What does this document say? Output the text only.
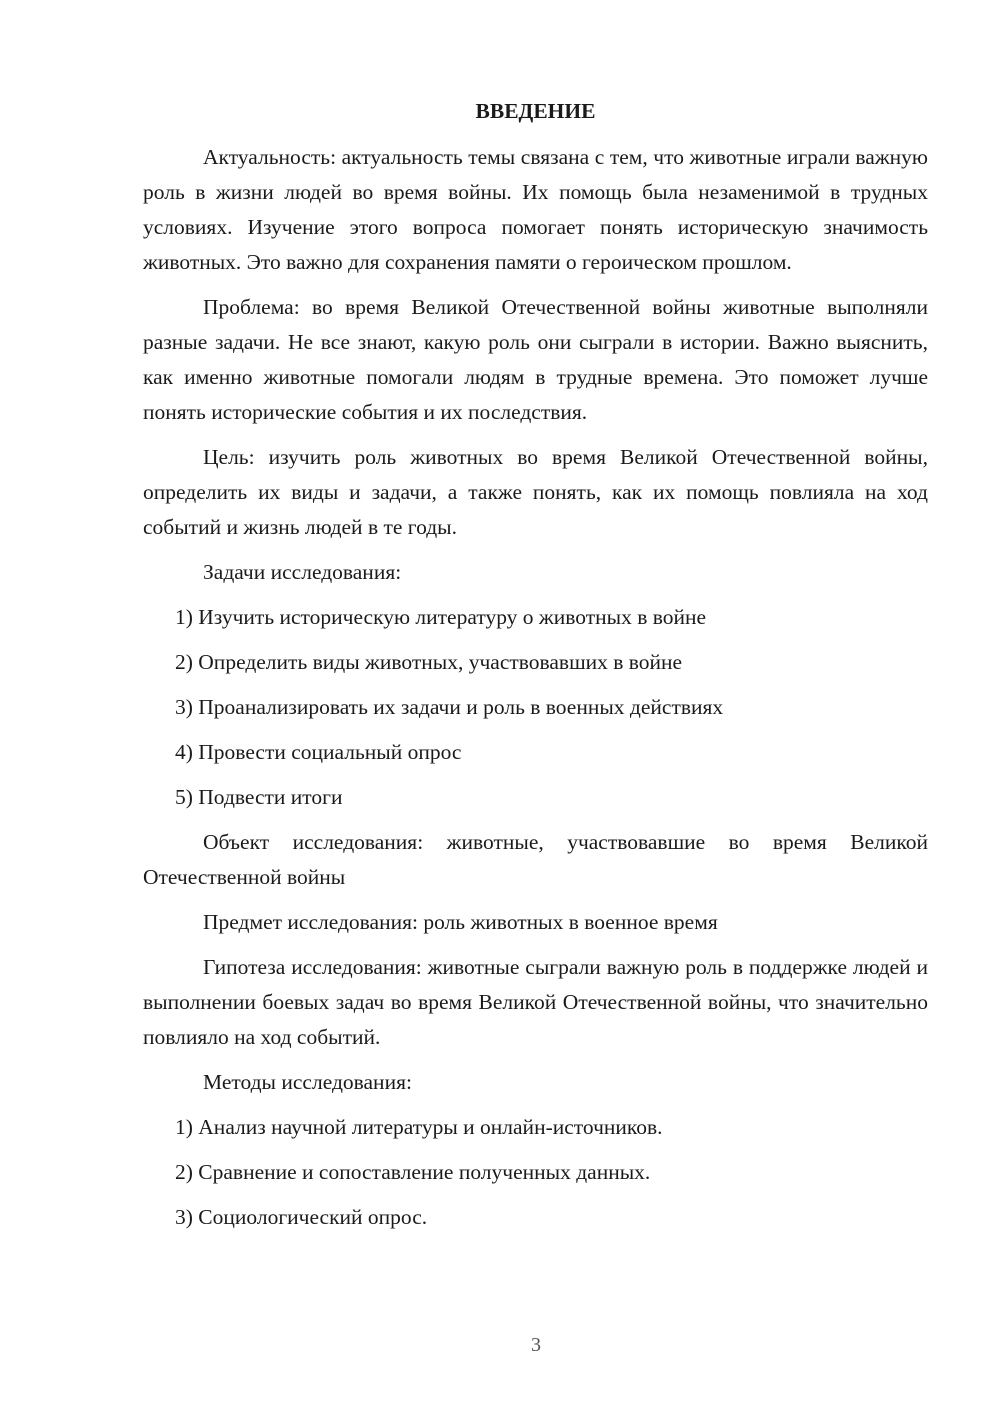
ВВЕДЕНИЕ

Актуальность: актуальность темы связана с тем, что животные играли важную роль в жизни людей во время войны. Их помощь была незаменимой в трудных условиях. Изучение этого вопроса помогает понять историческую значимость животных. Это важно для сохранения памяти о героическом прошлом.

Проблема: во время Великой Отечественной войны животные выполняли разные задачи. Не все знают, какую роль они сыграли в истории. Важно выяснить, как именно животные помогали людям в трудные времена. Это поможет лучше понять исторические события и их последствия.

Цель: изучить роль животных во время Великой Отечественной войны, определить их виды и задачи, а также понять, как их помощь повлияла на ход событий и жизнь людей в те годы.

Задачи исследования:

1) Изучить историческую литературу о животных в войне
2) Определить виды животных, участвовавших в войне
3) Проанализировать их задачи и роль в военных действиях
4) Провести социальный опрос
5) Подвести итоги

Объект исследования: животные, участвовавшие во время Великой Отечественной войны

Предмет исследования: роль животных в военное время

Гипотеза исследования: животные сыграли важную роль в поддержке людей и выполнении боевых задач во время Великой Отечественной войны, что значительно повлияло на ход событий.

Методы исследования:

1) Анализ научной литературы и онлайн-источников.
2) Сравнение и сопоставление полученных данных.
3) Социологический опрос.
3
